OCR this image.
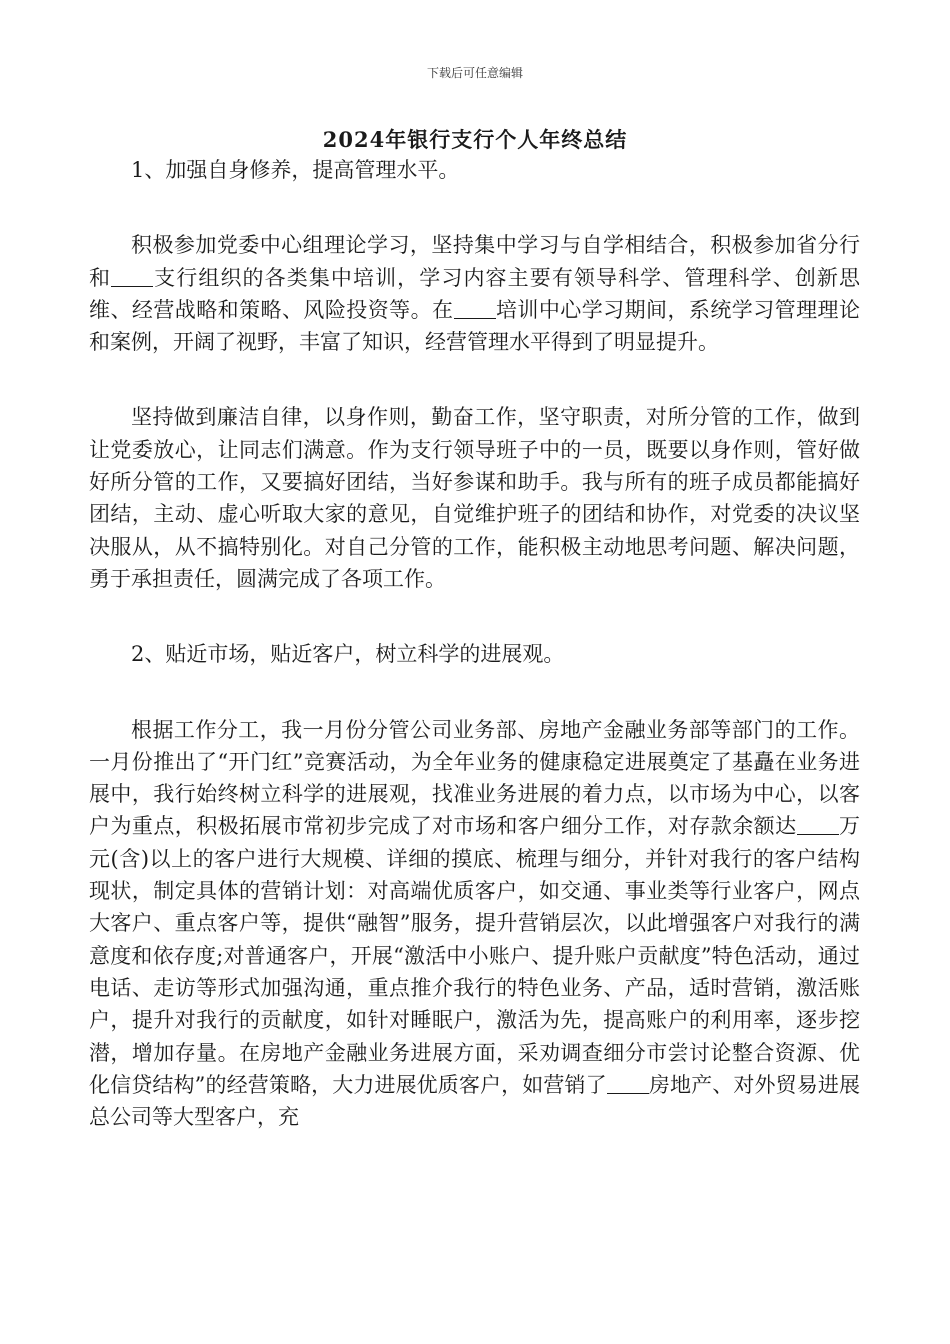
下载后可任意编辑
2024年银行支行个人年终总结

1、加强自身修养，提高管理水平。

积极参加党委中心组理论学习，坚持集中学习与自学相结合，积极参加省分行和 支行组织的各类集中培训，学习内容主要有领导科学、管理科学、创新思维、经营战略和策略、风险投资等。在 培训中心学习期间，系统学习管理理论和案例，开阔了视野，丰富了知识，经营管理水平得到了明显提升。

坚持做到廉洁自律，以身作则，勤奋工作，坚守职责，对所分管的工作，做到让党委放心，让同志们满意。作为支行领导班子中的一员，既要以身作则，管好做好所分管的工作，又要搞好团结，当好参谋和助手。我与所有的班子成员都能搞好团结，主动、虚心听取大家的意见，自觉维护班子的团结和协作，对党委的决议坚决服从，从不搞特别化。对自己分管的工作，能积极主动地思考问题、解决问题，勇于承担责任，圆满完成了各项工作。

2、贴近市场，贴近客户，树立科学的进展观。

根据工作分工，我一月份分管公司业务部、房地产金融业务部等部门的工作。一月份推出了“开门红”竞赛活动，为全年业务的健康稳定进展奠定了基矗在业务进展中，我行始终树立科学的进展观，找准业务进展的着力点，以市场为中心，以客户为重点，积极拓展市常初步完成了对市场和客户细分工作，对存款余额达 万元(含)以上的客户进行大规模、详细的摸底、梳理与细分，并针对我行的客户结构现状，制定具体的营销计划：对高端优质客户，如交通、事业类等行业客户，网点大客户、重点客户等，提供“融智”服务，提升营销层次，以此增强客户对我行的满意度和依存度;对普通客户，开展“激活中小账户、提升账户贡献度”特色活动，通过电话、走访等形式加强沟通，重点推介我行的特色业务、产品，适时营销，激活账户，提升对我行的贡献度，如针对睡眠户，激活为先，提高账户的利用率，逐步挖潜，增加存量。在房地产金融业务进展方面，采劝调查细分市尝讨论整合资源、优化信贷结构”的经营策略，大力进展优质客户，如营销了 房地产、对外贸易进展总公司等大型客户，充
